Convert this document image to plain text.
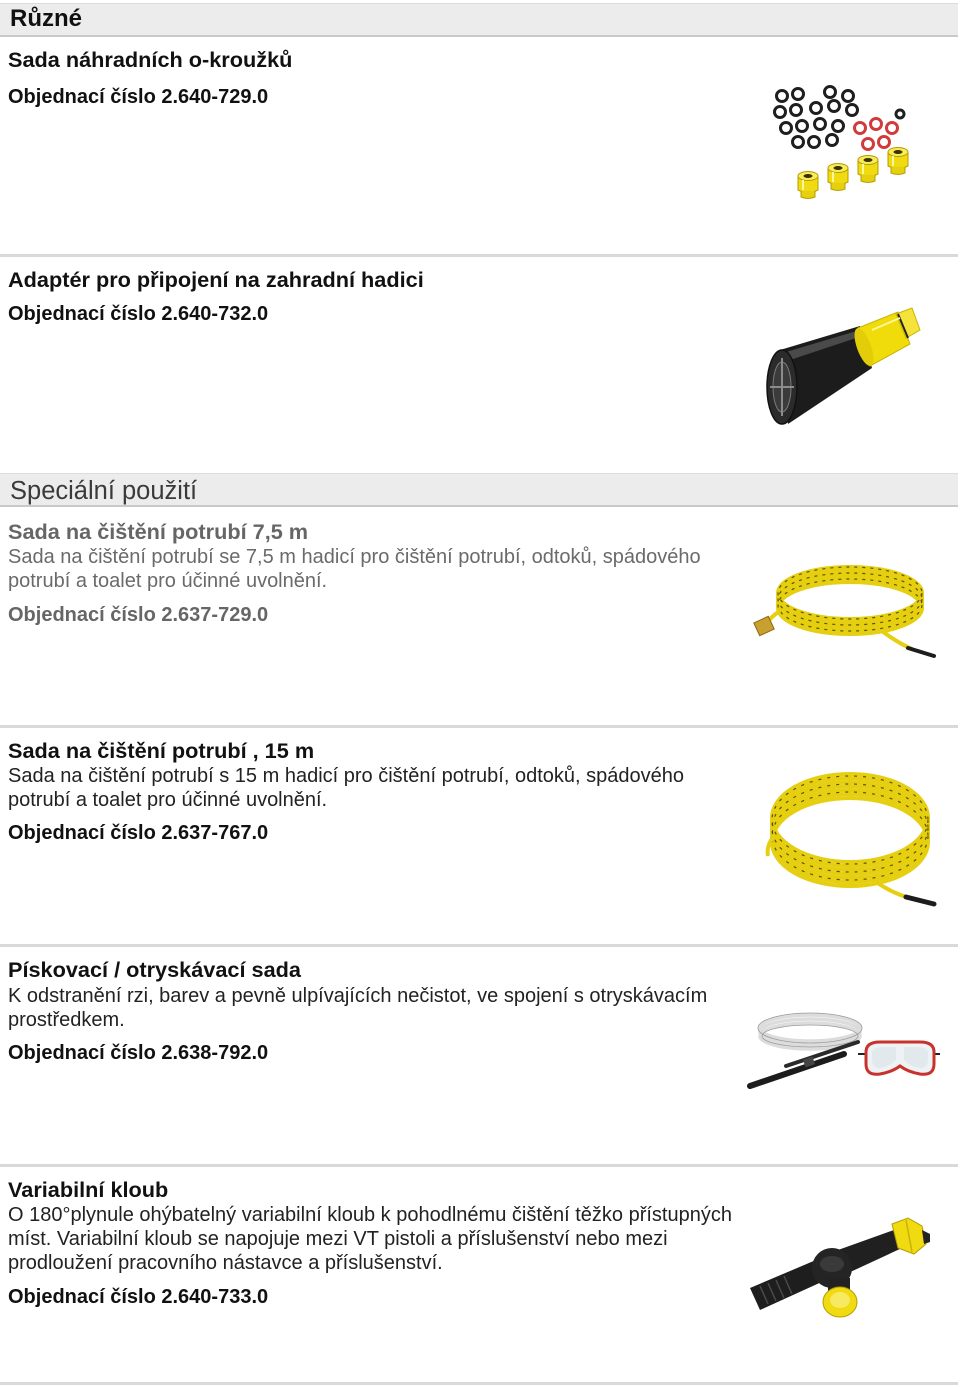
Různé
Sada náhradních o-kroužků
Objednací číslo 2.640-729.0
Adaptér pro připojení na zahradní hadici
Objednací číslo 2.640-732.0
Speciální použití
Sada na čištění potrubí 7,5 m
Sada na čištění potrubí se 7,5 m hadicí pro čištění potrubí, odtoků, spádového
potrubí a toalet pro účinné uvolnění.
Objednací číslo 2.637-729.0
Sada na čištění potrubí , 15 m
Sada na čištění potrubí s 15 m hadicí pro čištění potrubí, odtoků, spádového
potrubí a toalet pro účinné uvolnění.
Objednací číslo 2.637-767.0
Pískovací / otryskávací sada
K odstranění rzi, barev a pevně ulpívajících nečistot, ve spojení s otryskávacím
prostředkem.
Objednací číslo 2.638-792.0
Variabilní kloub
O 180°plynule ohýbatelný variabilní kloub k pohodlnému čištění těžko přístupných
míst. Variabilní kloub se napojuje mezi VT pistoli a příslušenství nebo mezi
prodloužení pracovního nástavce a příslušenství.
Objednací číslo 2.640-733.0
